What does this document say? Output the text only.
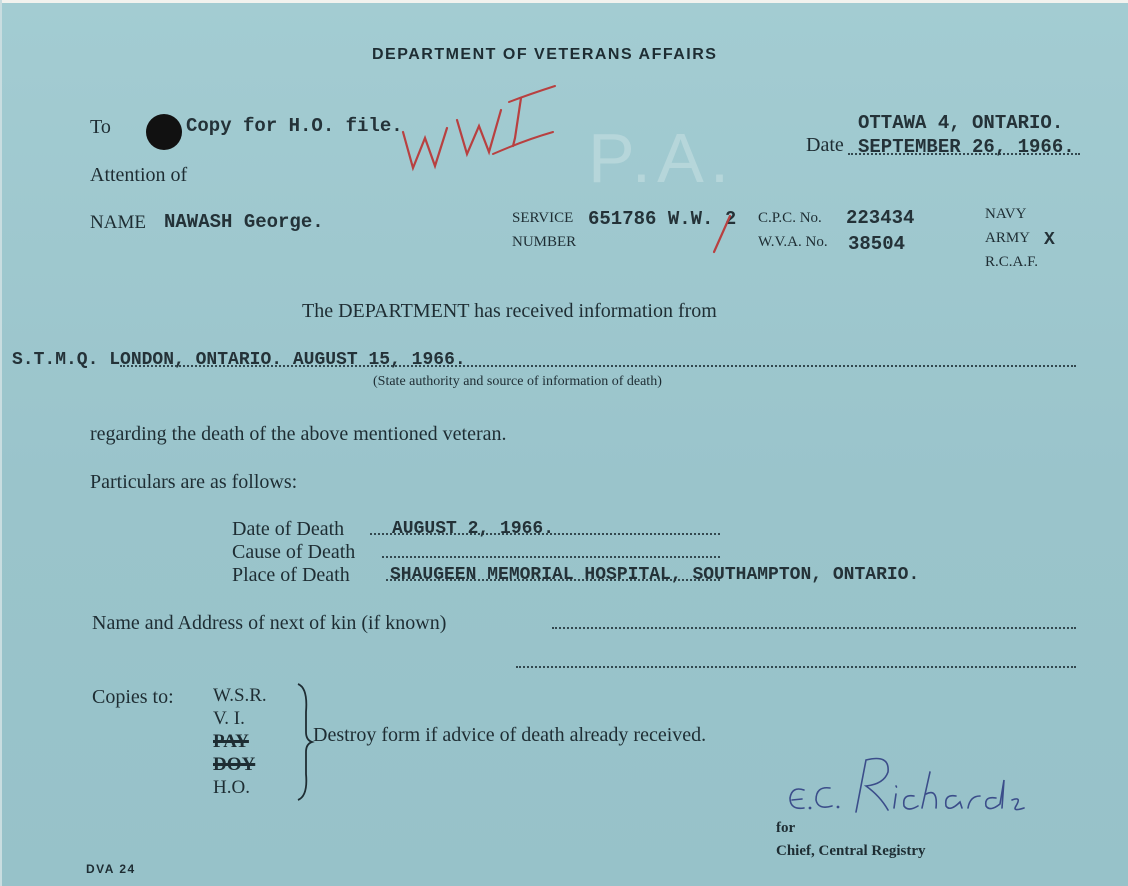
DEPARTMENT OF VETERANS AFFAIRS
P.A.
To	Copy for H.O. file.
Attention of
OTTAWA 4, ONTARIO.
Date SEPTEMBER 26, 1966.
NAME NAWASH George.	SERVICE
NUMBER
651786 W.W. 2 C.P.C. No. 223434
W.V.A. No. 38504
NAVY
ARMY X
R.C.A.F.
The DEPARTMENT has received information from
S.T.M.Q. LONDON, ONTARIO. AUGUST 15, 1966.
(State authority and source of information of death)
regarding the death of the above mentioned veteran.
Particulars are as follows:
Date of Death	AUGUST 2, 1966.
Cause of Death
Place of Death SHAUGEEN MEMORIAL HOSPITAL, SOUTHAMPTON, ONTARIO.
Name and Address of next of kin (if known)
Copies to: W.S.R.
V. I.
PAY
DOY
H.O.
Destroy form if advice of death already received.
for
Chief, Central Registry
DVA 24
